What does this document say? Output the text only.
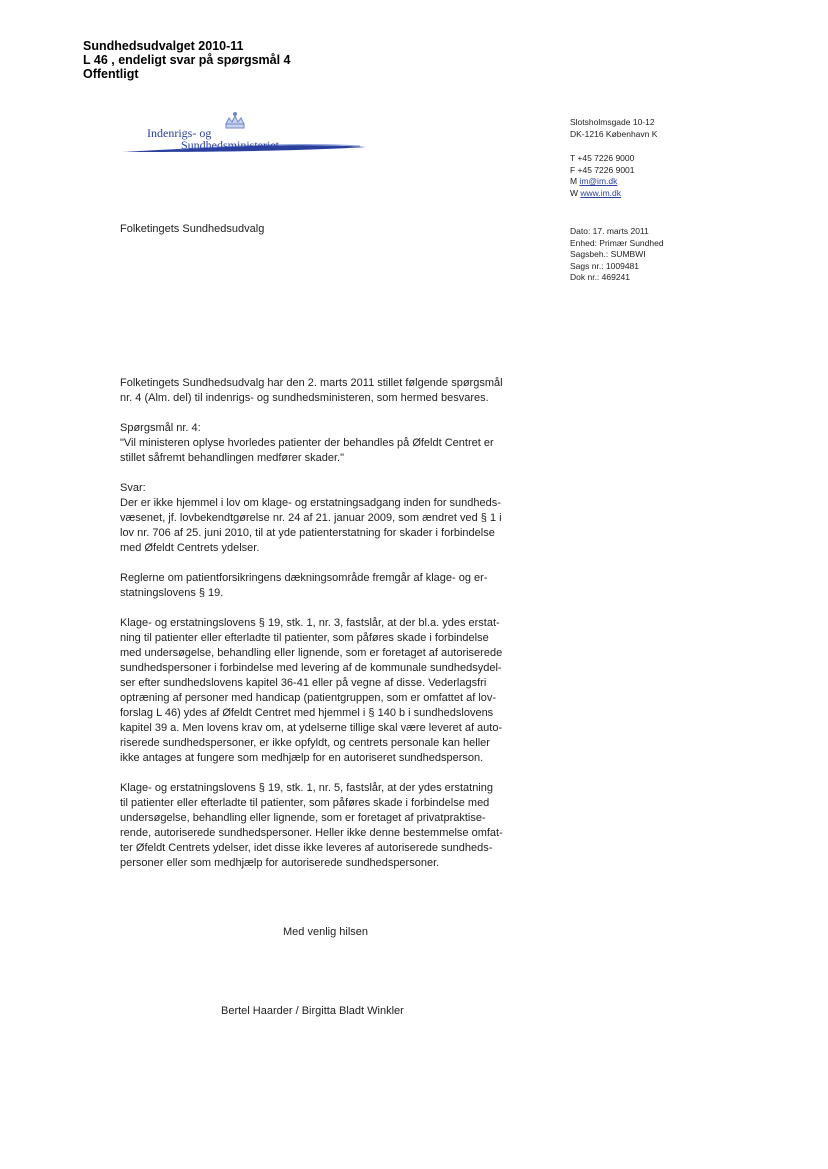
Sundhedsudvalget 2010-11
L 46 , endeligt svar på spørgsmål 4
Offentligt
Indenrigs- og
Sundhedsministeriet
Slotsholmsgade 10-12
DK-1216 København K
T +45 7226 9000
F +45 7226 9001
M im@im.dk
W www.im.dk
Folketingets Sundhedsudvalg	Dato: 17. marts 2011
Enhed: Primær Sundhed
Sagsbeh.: SUMBWI
Sags nr.: 1009481
Dok nr.: 469241

Folketingets Sundhedsudvalg har den 2. marts 2011 stillet følgende spørgsmål
nr. 4 (Alm. del) til indenrigs- og sundhedsministeren, som hermed besvares.

Spørgsmål nr. 4:
"Vil ministeren oplyse hvorledes patienter der behandles på Øfeldt Centret er
stillet såfremt behandlingen medfører skader."

Svar:
Der er ikke hjemmel i lov om klage- og erstatningsadgang inden for sundheds-
væsenet, jf. lovbekendtgørelse nr. 24 af 21. januar 2009, som ændret ved § 1 i
lov nr. 706 af 25. juni 2010, til at yde patienterstatning for skader i forbindelse
med Øfeldt Centrets ydelser.

Reglerne om patientforsikringens dækningsområde fremgår af klage- og er-
statningslovens § 19.

Klage- og erstatningslovens § 19, stk. 1, nr. 3, fastslår, at der bl.a. ydes erstat-
ning til patienter eller efterladte til patienter, som påføres skade i forbindelse
med undersøgelse, behandling eller lignende, som er foretaget af autoriserede
sundhedspersoner i forbindelse med levering af de kommunale sundhedsydel-
ser efter sundhedslovens kapitel 36-41 eller på vegne af disse. Vederlagsfri
optræning af personer med handicap (patientgruppen, som er omfattet af lov-
forslag L 46) ydes af Øfeldt Centret med hjemmel i § 140 b i sundhedslovens
kapitel 39 a. Men lovens krav om, at ydelserne tillige skal være leveret af auto-
riserede sundhedspersoner, er ikke opfyldt, og centrets personale kan heller
ikke antages at fungere som medhjælp for en autoriseret sundhedsperson.

Klage- og erstatningslovens § 19, stk. 1, nr. 5, fastslår, at der ydes erstatning
til patienter eller efterladte til patienter, som påføres skade i forbindelse med
undersøgelse, behandling eller lignende, som er foretaget af privatpraktise-
rende, autoriserede sundhedspersoner. Heller ikke denne bestemmelse omfat-
ter Øfeldt Centrets ydelser, idet disse ikke leveres af autoriserede sundheds-
personer eller som medhjælp for autoriserede sundhedspersoner.

Med venlig hilsen
Bertel Haarder / Birgitta Bladt Winkler
